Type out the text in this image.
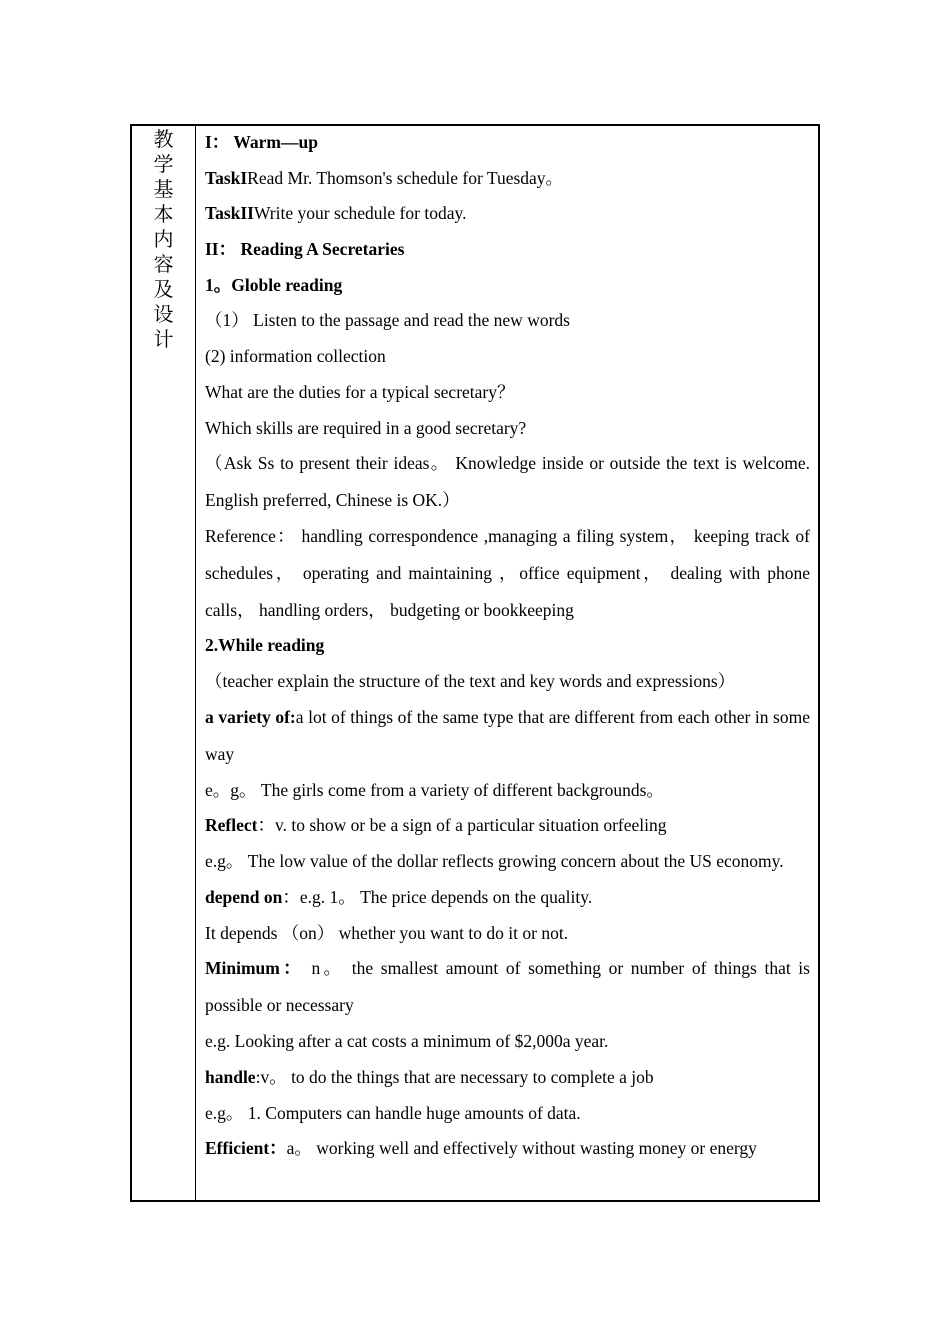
教
学
基
本
内
容
及
设
计
I： Warm—up
TaskIRead Mr. Thomson's schedule for Tuesday。
TaskIIWrite your schedule for today.
II： Reading A Secretaries
1。Globle reading
（1） Listen to the passage and read the new words
(2) information collection
What are the duties for a typical secretary？
Which skills are required in a good secretary?
（Ask Ss to present their ideas。 Knowledge inside or outside the text is welcome. English preferred, Chinese is OK.）
Reference： handling correspondence ,managing a filing system， keeping track of schedules， operating and maintaining ，office equipment， dealing with phone calls， handling orders， budgeting or bookkeeping
2.While reading
（teacher explain the structure of the text and key words and expressions）
a variety of:a lot of things of the same type that are different from each other in some way
e。g。 The girls come from a variety of different backgrounds。
Reflect：v. to show or be a sign of a particular situation orfeeling
e.g。 The low value of the dollar reflects growing concern about the US economy.
depend on：e.g. 1。 The price depends on the quality.
It depends （on） whether you want to do it or not.
Minimum： n。 the smallest amount of something or number of things that is possible or necessary
e.g. Looking after a cat costs a minimum of $2,000a year.
handle:v。 to do the things that are necessary to complete a job
e.g。 1. Computers can handle huge amounts of data.
Efficient：a。 working well and effectively without wasting money or energy
